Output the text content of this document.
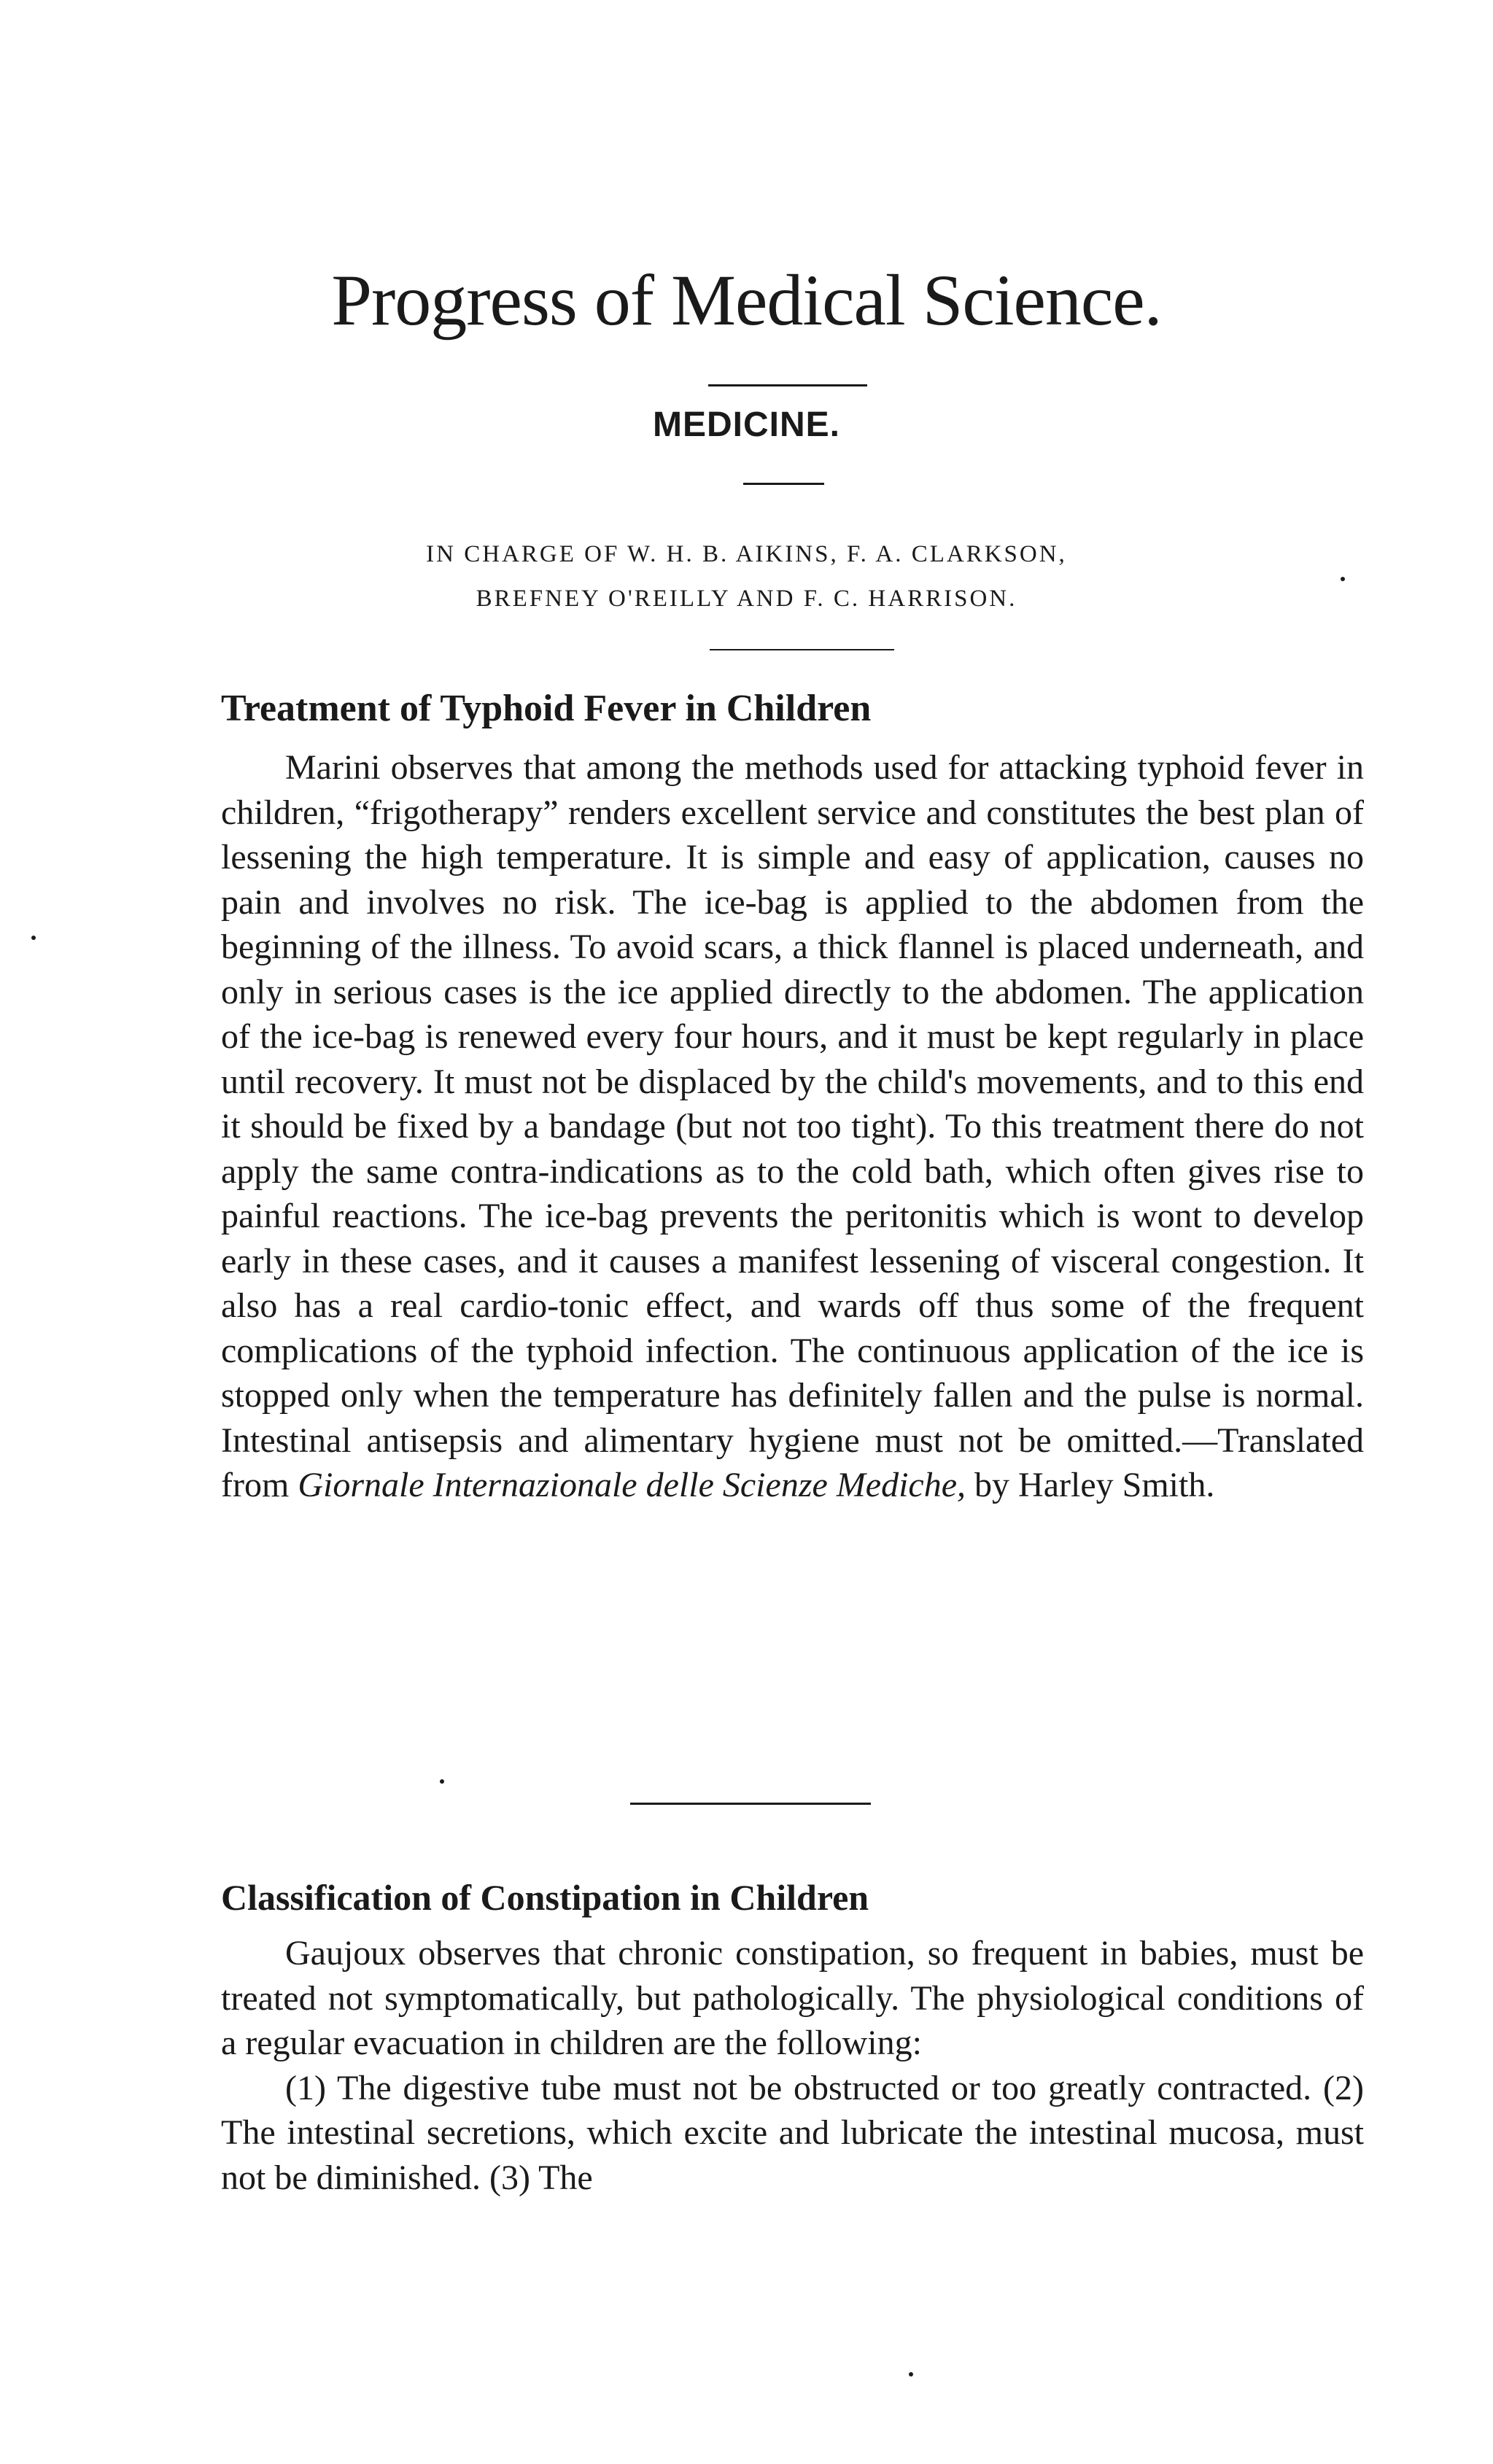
Progress of Medical Science.
MEDICINE.
IN CHARGE OF W. H. B. AIKINS, F. A. CLARKSON,
BREFNEY O'REILLY AND F. C. HARRISON.
Treatment of Typhoid Fever in Children

Marini observes that among the methods used for attacking typhoid fever in children, “frigotherapy” renders excellent service and constitutes the best plan of lessening the high temperature. It is simple and easy of application, causes no pain and involves no risk. The ice-bag is applied to the abdomen from the beginning of the illness. To avoid scars, a thick flannel is placed underneath, and only in serious cases is the ice applied directly to the abdomen. The application of the ice-bag is renewed every four hours, and it must be kept regularly in place until recovery. It must not be displaced by the child's movements, and to this end it should be fixed by a bandage (but not too tight). To this treatment there do not apply the same contra-indications as to the cold bath, which often gives rise to painful reactions. The ice-bag prevents the peritonitis which is wont to develop early in these cases, and it causes a manifest lessening of visceral congestion. It also has a real cardio-tonic effect, and wards off thus some of the frequent complications of the typhoid infection. The continuous application of the ice is stopped only when the temperature has definitely fallen and the pulse is normal. Intestinal antisepsis and alimentary hygiene must not be omitted.—Translated from Giornale Internazionale delle Scienze Mediche, by Harley Smith.

Classification of Constipation in Children

Gaujoux observes that chronic constipation, so frequent in babies, must be treated not symptomatically, but pathologically. The physiological conditions of a regular evacuation in children are the following:

(1) The digestive tube must not be obstructed or too greatly contracted. (2) The intestinal secretions, which excite and lubricate the intestinal mucosa, must not be diminished. (3) The
